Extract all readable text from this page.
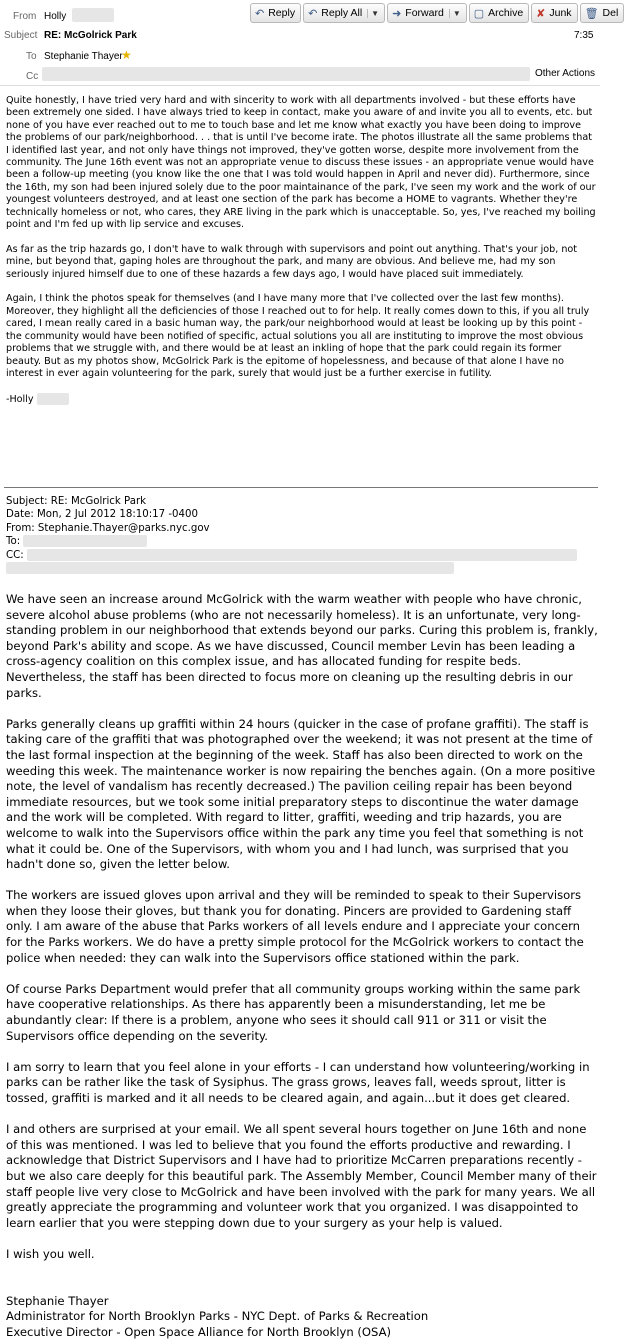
From Holly	↶ Reply ↶ Reply All	▼ ➜ Forward	▼ ▢ Archive ✘ Junk 🗑 Del
Subject RE: McGolrick Park	7:35
To Stephanie Thayer
★
Cc	Other Actions

Quite honestly, I have tried very hard and with sincerity to work with all departments involved - but these efforts have been extremely one sided. I have always tried to keep in contact, make you aware of and invite you all to events, etc. but none of you have ever reached out to me to touch base and let me know what exactly you have been doing to improve the problems of our park/neighborhood. . . that is until I've become irate. The photos illustrate all the same problems that I identified last year, and not only have things not improved, they've gotten worse, despite more involvement from the community. The June 16th event was not an appropriate venue to discuss these issues - an appropriate venue would have been a follow-up meeting (you know like the one that I was told would happen in April and never did). Furthermore, since the 16th, my son had been injured solely due to the poor maintainance of the park, I've seen my work and the work of our youngest volunteers destroyed, and at least one section of the park has become a HOME to vagrants. Whether they're technically homeless or not, who cares, they ARE living in the park which is unacceptable. So, yes, I've reached my boiling point and I'm fed up with lip service and excuses.

As far as the trip hazards go, I don't have to walk through with supervisors and point out anything. That's your job, not mine, but beyond that, gaping holes are throughout the park, and many are obvious. And believe me, had my son seriously injured himself due to one of these hazards a few days ago, I would have placed suit immediately.

Again, I think the photos speak for themselves (and I have many more that I've collected over the last few months). Moreover, they highlight all the deficiencies of those I reached out to for help. It really comes down to this, if you all truly cared, I mean really cared in a basic human way, the park/our neighborhood would at least be looking up by this point - the community would have been notified of specific, actual solutions you all are instituting to improve the most obvious problems that we struggle with, and there would be at least an inkling of hope that the park could regain its former beauty. But as my photos show, McGolrick Park is the epitome of hopelessness, and because of that alone I have no interest in ever again volunteering for the park, surely that would just be a further exercise in futility.

-Holly

Subject: RE: McGolrick Park
Date: Mon, 2 Jul 2012 18:10:17 -0400
From: Stephanie.Thayer@parks.nyc.gov
To:
CC:

We have seen an increase around McGolrick with the warm weather with people who have chronic, severe alcohol abuse problems (who are not necessarily homeless). It is an unfortunate, very long-standing problem in our neighborhood that extends beyond our parks. Curing this problem is, frankly, beyond Park's ability and scope. As we have discussed, Council member Levin has been leading a cross-agency coalition on this complex issue, and has allocated funding for respite beds. Nevertheless, the staff has been directed to focus more on cleaning up the resulting debris in our parks.

Parks generally cleans up graffiti within 24 hours (quicker in the case of profane graffiti). The staff is taking care of the graffiti that was photographed over the weekend; it was not present at the time of the last formal inspection at the beginning of the week. Staff has also been directed to work on the weeding this week. The maintenance worker is now repairing the benches again. (On a more positive note, the level of vandalism has recently decreased.) The pavilion ceiling repair has been beyond immediate resources, but we took some initial preparatory steps to discontinue the water damage and the work will be completed. With regard to litter, graffiti, weeding and trip hazards, you are welcome to walk into the Supervisors office within the park any time you feel that something is not what it could be. One of the Supervisors, with whom you and I had lunch, was surprised that you hadn't done so, given the letter below.

The workers are issued gloves upon arrival and they will be reminded to speak to their Supervisors when they loose their gloves, but thank you for donating. Pincers are provided to Gardening staff only. I am aware of the abuse that Parks workers of all levels endure and I appreciate your concern for the Parks workers. We do have a pretty simple protocol for the McGolrick workers to contact the police when needed: they can walk into the Supervisors office stationed within the park.

Of course Parks Department would prefer that all community groups working within the same park have cooperative relationships. As there has apparently been a misunderstanding, let me be abundantly clear: If there is a problem, anyone who sees it should call 911 or 311 or visit the Supervisors office depending on the severity.

I am sorry to learn that you feel alone in your efforts - I can understand how volunteering/working in parks can be rather like the task of Sysiphus. The grass grows, leaves fall, weeds sprout, litter is tossed, graffiti is marked and it all needs to be cleared again, and again...but it does get cleared.

I and others are surprised at your email. We all spent several hours together on June 16th and none of this was mentioned. I was led to believe that you found the efforts productive and rewarding. I acknowledge that District Supervisors and I have had to prioritize McCarren preparations recently - but we also care deeply for this beautiful park. The Assembly Member, Council Member many of their staff people live very close to McGolrick and have been involved with the park for many years. We all greatly appreciate the programming and volunteer work that you organized. I was disappointed to learn earlier that you were stepping down due to your surgery as your help is valued.

I wish you well.

Stephanie Thayer
Administrator for North Brooklyn Parks - NYC Dept. of Parks & Recreation
Executive Director - Open Space Alliance for North Brooklyn (OSA)
